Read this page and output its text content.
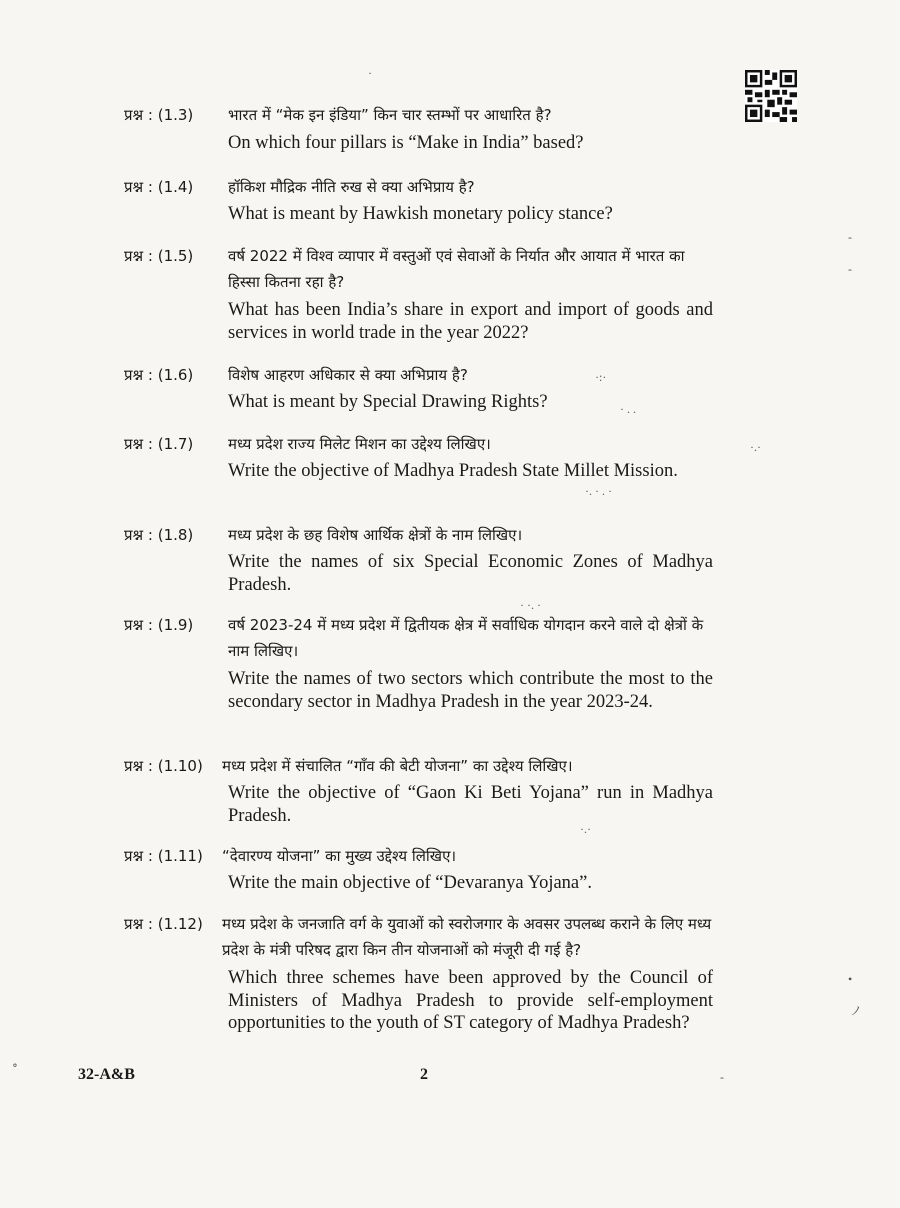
प्रश्न : (1.3) भारत में “मेक इन इंडिया” किन चार स्तम्भों पर आधारित है?
On which four pillars is “Make in India” based?
प्रश्न : (1.4) हॉकिश मौद्रिक नीति रुख से क्या अभिप्राय है?
What is meant by Hawkish monetary policy stance?
प्रश्न : (1.5) वर्ष 2022 में विश्व व्यापार में वस्तुओं एवं सेवाओं के निर्यात और आयात में भारत का हिस्सा कितना रहा है?
What has been India’s share in export and import of goods and services in world trade in the year 2022?
प्रश्न : (1.6) विशेष आहरण अधिकार से क्या अभिप्राय है?
What is meant by Special Drawing Rights?
प्रश्न : (1.7) मध्य प्रदेश राज्य मिलेट मिशन का उद्देश्य लिखिए।
Write the objective of Madhya Pradesh State Millet Mission.
प्रश्न : (1.8) मध्य प्रदेश के छह विशेष आर्थिक क्षेत्रों के नाम लिखिए।
Write the names of six Special Economic Zones of Madhya Pradesh.
प्रश्न : (1.9) वर्ष 2023-24 में मध्य प्रदेश में द्वितीयक क्षेत्र में सर्वाधिक योगदान करने वाले दो क्षेत्रों के नाम लिखिए।
Write the names of two sectors which contribute the most to the secondary sector in Madhya Pradesh in the year 2023-24.
प्रश्न : (1.10) मध्य प्रदेश में संचालित “गाँव की बेटी योजना” का उद्देश्य लिखिए।
Write the objective of “Gaon Ki Beti Yojana” run in Madhya Pradesh.
प्रश्न : (1.11) “देवारण्य योजना” का मुख्य उद्देश्य लिखिए।
Write the main objective of “Devaranya Yojana”.
प्रश्न : (1.12) मध्य प्रदेश के जनजाति वर्ग के युवाओं को स्वरोजगार के अवसर उपलब्ध कराने के लिए मध्य प्रदेश के मंत्री परिषद द्वारा किन तीन योजनाओं को मंजूरी दी गई है?
Which three schemes have been approved by the Council of Ministers of Madhya Pradesh to provide self-employment opportunities to the youth of ST category of Madhya Pradesh?
32-A&B	2
·
·:·
· . .
·.·
·. · . ·
· ·. ·
·.·
•
ノ
∘
-
-
-
